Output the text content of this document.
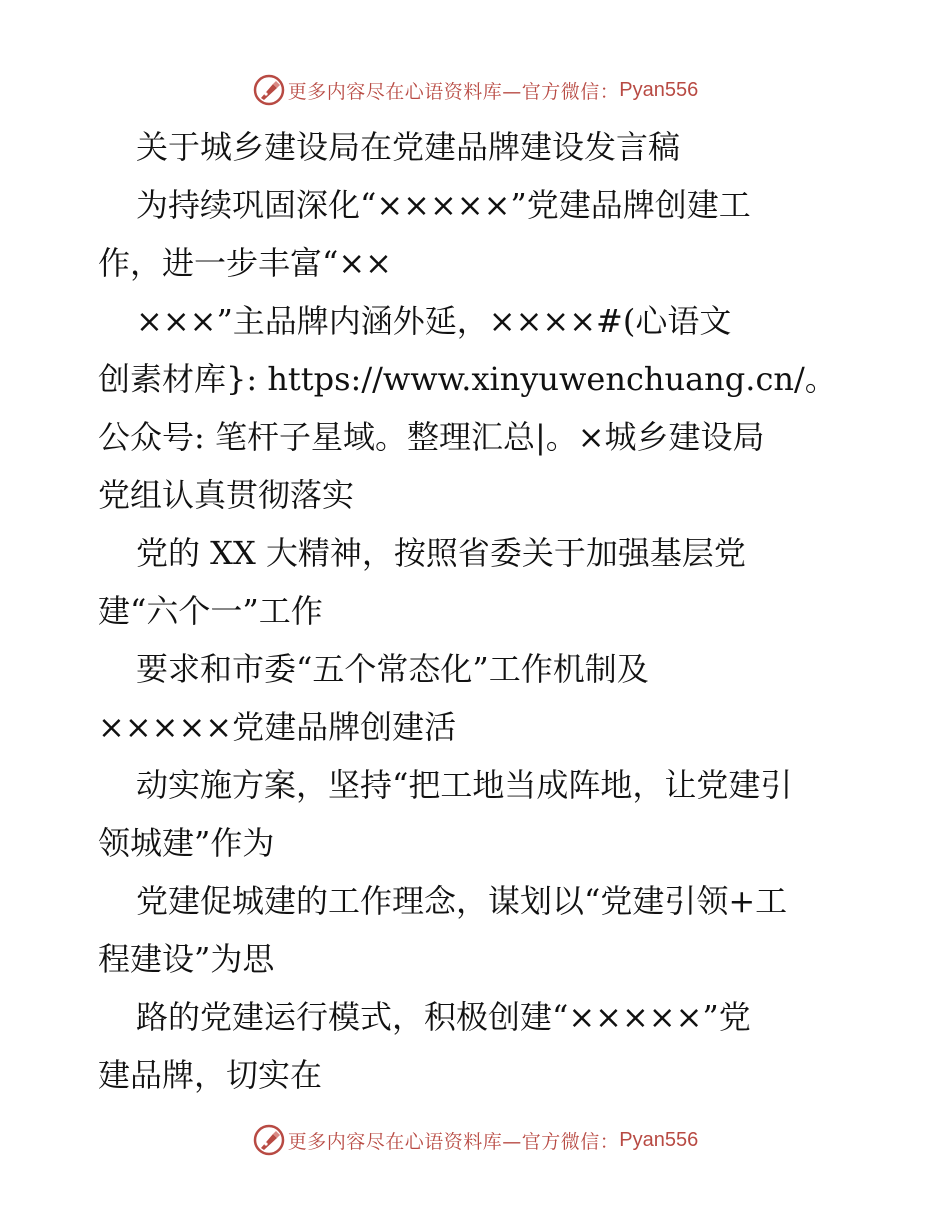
更多内容尽在心语资料库—官方微信： Pyan556
关于城乡建设局在党建品牌建设发言稿
为持续巩固深化“×××××”党建品牌创建工
作，进一步丰富“××
×××”主品牌内涵外延，××××#(心语文
创素材库}: https://www.xinyuwenchuang.cn/。
公众号: 笔杆子星域。整理汇总|。×城乡建设局
党组认真贯彻落实
党的 XX 大精神，按照省委关于加强基层党
建“六个一”工作
要求和市委“五个常态化”工作机制及
×××××党建品牌创建活
动实施方案，坚持“把工地当成阵地，让党建引
领城建”作为
党建促城建的工作理念，谋划以“党建引领+工
程建设”为思
路的党建运行模式，积极创建“×××××”党
建品牌，切实在
更多内容尽在心语资料库—官方微信： Pyan556
